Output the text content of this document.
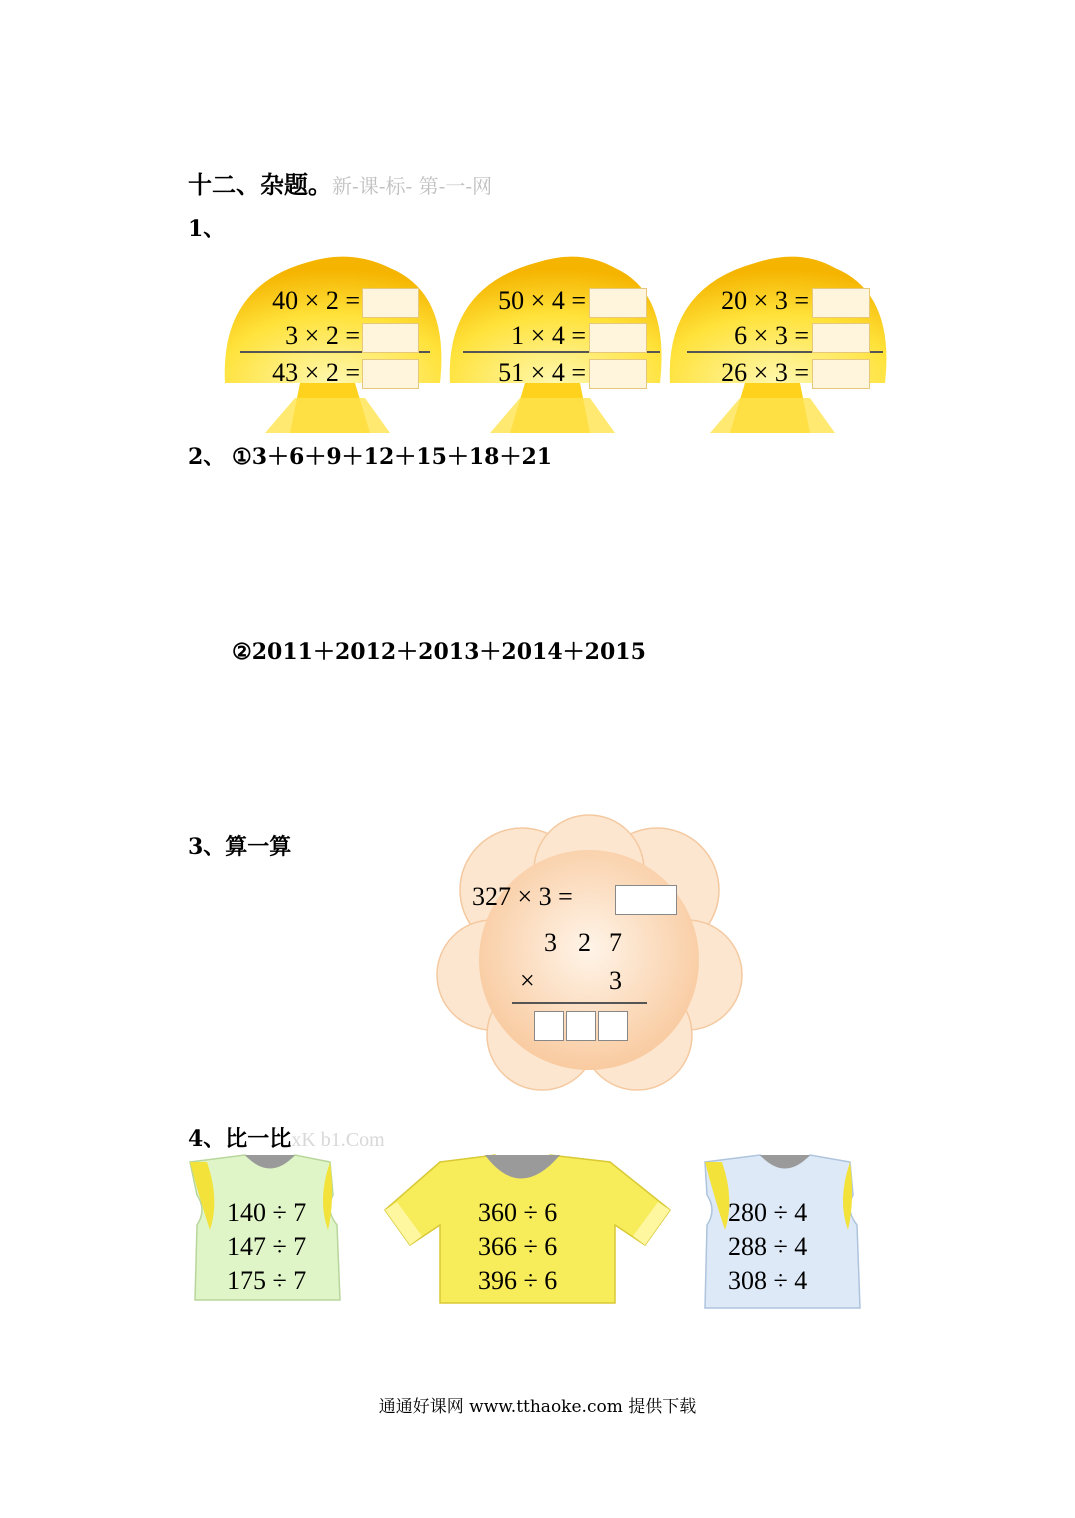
十二、杂题。新-课-标- 第-一-网
1、
40 × 2 =
3 × 2 =
43 × 2 =
50 × 4 =
1 × 4 =
51 × 4 =
20 × 3 =
6 × 3 =
26 × 3 =
2、 ①3＋6＋9＋12＋15＋18＋21
②2011＋2012＋2013＋2014＋2015
3、算一算
327 × 3 =
3 2 7
×	3
4、比一比xK b1.Com
140 ÷ 7
147 ÷ 7
175 ÷ 7
360 ÷ 6
366 ÷ 6
396 ÷ 6
280 ÷ 4
288 ÷ 4
308 ÷ 4
通通好课网 www.tthaoke.com 提供下载
